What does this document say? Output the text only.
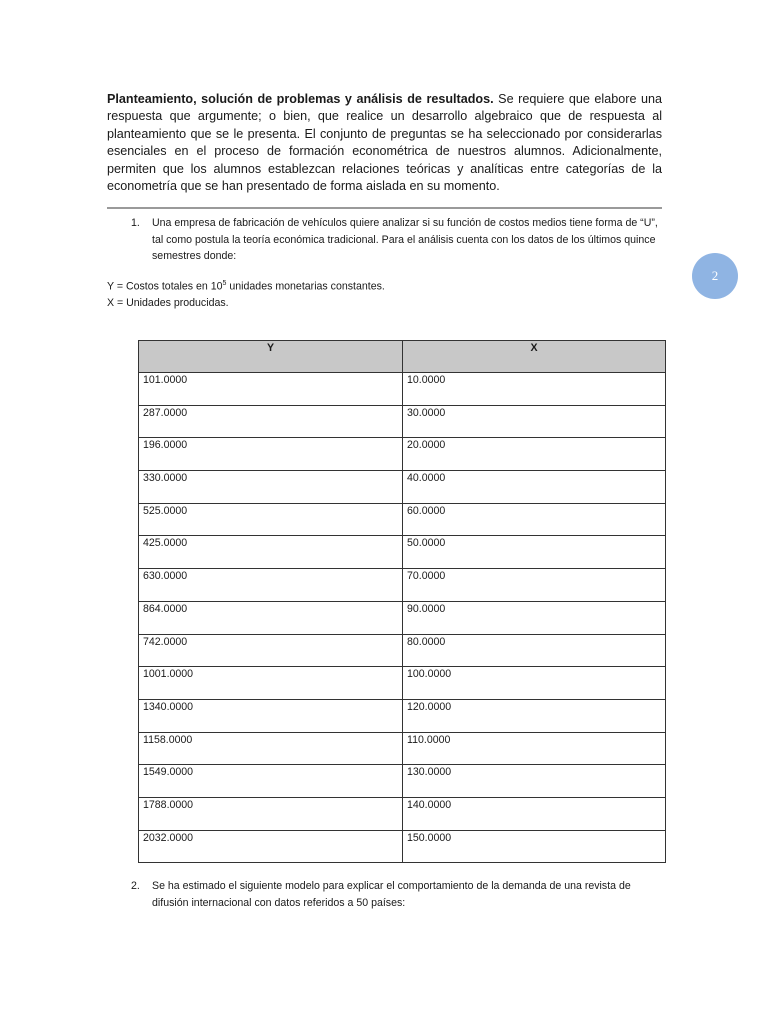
Planteamiento, solución de problemas y análisis de resultados. Se requiere que elabore una respuesta que argumente; o bien, que realice un desarrollo algebraico que de respuesta al planteamiento que se le presenta. El conjunto de preguntas se ha seleccionado por considerarlas esenciales en el proceso de formación econométrica de nuestros alumnos. Adicionalmente, permiten que los alumnos establezcan relaciones teóricas y analíticas entre categorías de la econometría que se han presentado de forma aislada en su momento.

1. Una empresa de fabricación de vehículos quiere analizar si su función de costos medios tiene forma de “U”, tal como postula la teoría económica tradicional. Para el análisis cuenta con los datos de los últimos quince semestres donde:

2
Y = Costos totales en $10^5$ unidades monetarias constantes.
X = Unidades producidas.
Y	X
101.0000	10.0000
287.0000	30.0000
196.0000	20.0000
330.0000	40.0000
525.0000	60.0000
425.0000	50.0000
630.0000	70.0000
864.0000	90.0000
742.0000	80.0000
1001.0000	100.0000
1340.0000	120.0000
1158.0000	110.0000
1549.0000	130.0000
1788.0000	140.0000
2032.0000	150.0000
2. Se ha estimado el siguiente modelo para explicar el comportamiento de la demanda de una revista de difusión internacional con datos referidos a 50 países:
